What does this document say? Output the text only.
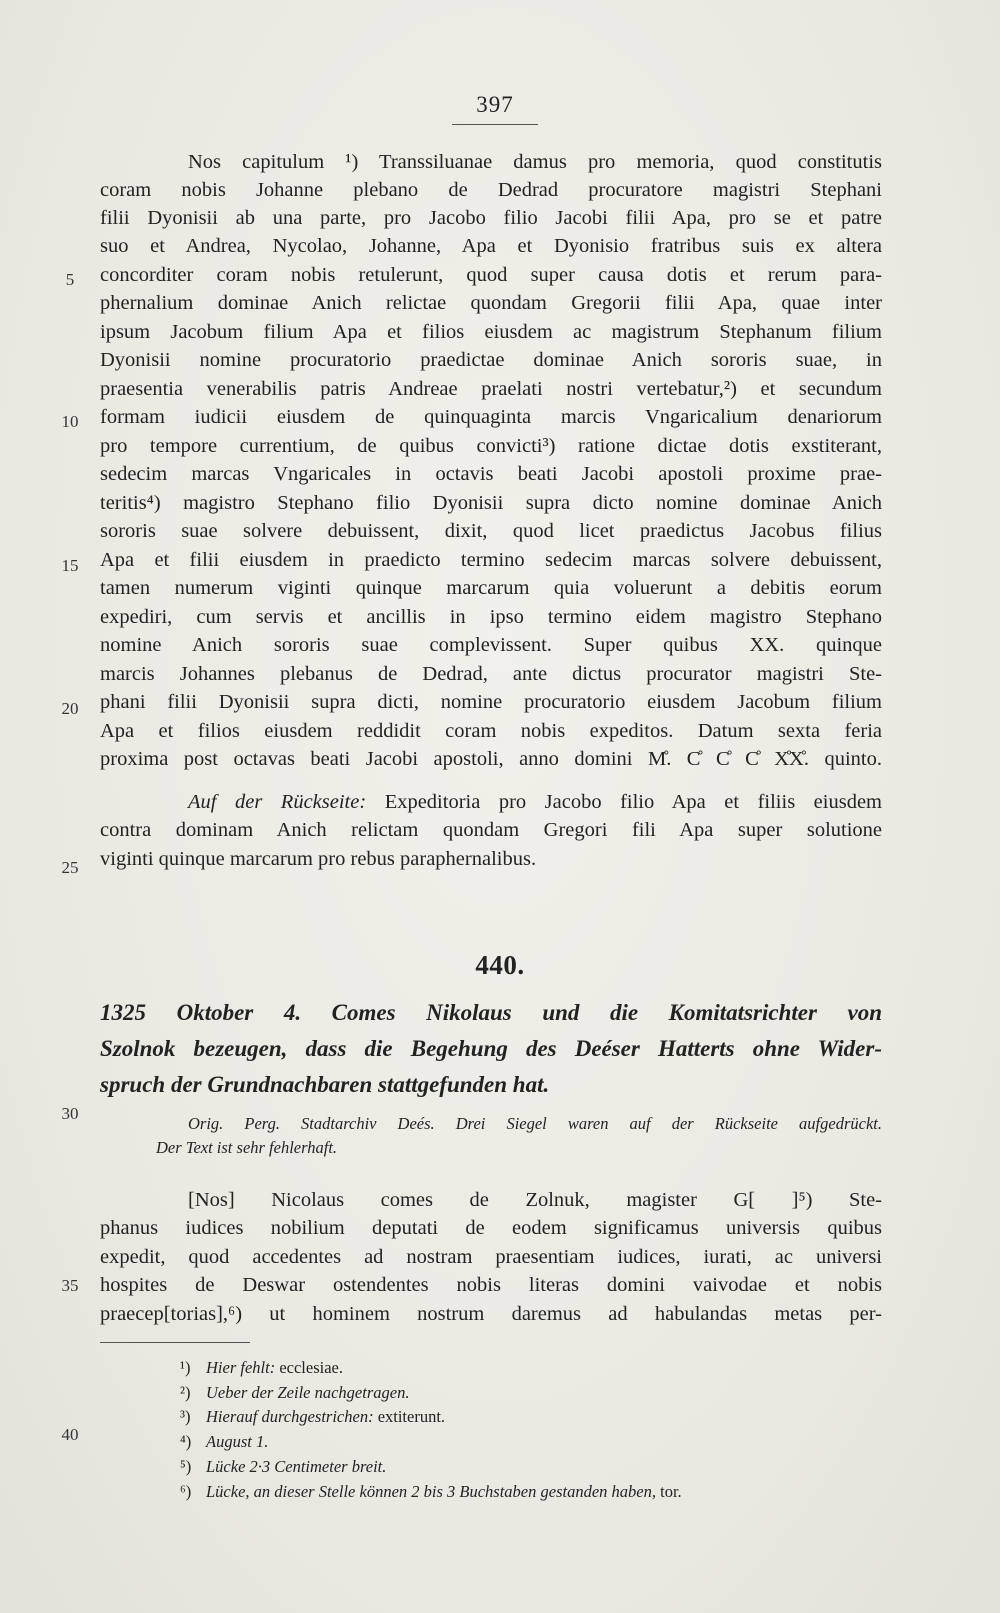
397
5
10
15
20
25
30
35
40
Nos capitulum ¹) Transsiluanae damus pro memoria, quod constitutis
coram nobis Johanne plebano de Dedrad procuratore magistri Stephani
filii Dyonisii ab una parte, pro Jacobo filio Jacobi filii Apa, pro se et patre
suo et Andrea, Nycolao, Johanne, Apa et Dyonisio fratribus suis ex altera
concorditer coram nobis retulerunt, quod super causa dotis et rerum para-
phernalium dominae Anich relictae quondam Gregorii filii Apa, quae inter
ipsum Jacobum filium Apa et filios eiusdem ac magistrum Stephanum filium
Dyonisii nomine procuratorio praedictae dominae Anich sororis suae, in
praesentia venerabilis patris Andreae praelati nostri vertebatur,²) et secundum
formam iudicii eiusdem de quinquaginta marcis Vngaricalium denariorum
pro tempore currentium, de quibus convicti³) ratione dictae dotis exstiterant,
sedecim marcas Vngaricales in octavis beati Jacobi apostoli proxime prae-
teritis⁴) magistro Stephano filio Dyonisii supra dicto nomine dominae Anich
sororis suae solvere debuissent, dixit, quod licet praedictus Jacobus filius
Apa et filii eiusdem in praedicto termino sedecim marcas solvere debuissent,
tamen numerum viginti quinque marcarum quia voluerunt a debitis eorum
expediri, cum servis et ancillis in ipso termino eidem magistro Stephano
nomine Anich sororis suae complevissent. Super quibus XX. quinque
marcis Johannes plebanus de Dedrad, ante dictus procurator magistri Ste-
phani filii Dyonisii supra dicti, nomine procuratorio eiusdem Jacobum filium
Apa et filios eiusdem reddidit coram nobis expeditos. Datum sexta feria
proxima post octavas beati Jacobi apostoli, anno domini M̊. C̊ C̊ C̊ X̊X̊. quinto.
Auf der Rückseite: Expeditoria pro Jacobo filio Apa et filiis eiusdem
contra dominam Anich relictam quondam Gregori fili Apa super solutione
viginti quinque marcarum pro rebus paraphernalibus.
440.
1325 Oktober 4. Comes Nikolaus und die Komitatsrichter von
Szolnok bezeugen, dass die Begehung des Deéser Hatterts ohne Wider-
spruch der Grundnachbaren stattgefunden hat.
Orig. Perg. Stadtarchiv Deés. Drei Siegel waren auf der Rückseite aufgedrückt.
Der Text ist sehr fehlerhaft.
[Nos] Nicolaus comes de Zolnuk, magister G[ ]⁵) Ste-
phanus iudices nobilium deputati de eodem significamus universis quibus
expedit, quod accedentes ad nostram praesentiam iudices, iurati, ac universi
hospites de Deswar ostendentes nobis literas domini vaivodae et nobis
praecep[torias],⁶) ut hominem nostrum daremus ad habulandas metas per-
¹) Hier fehlt: ecclesiae.
²) Ueber der Zeile nachgetragen.
³) Hierauf durchgestrichen: extiterunt.
⁴) August 1.
⁵) Lücke 2·3 Centimeter breit.
⁶) Lücke, an dieser Stelle können 2 bis 3 Buchstaben gestanden haben, tor.
